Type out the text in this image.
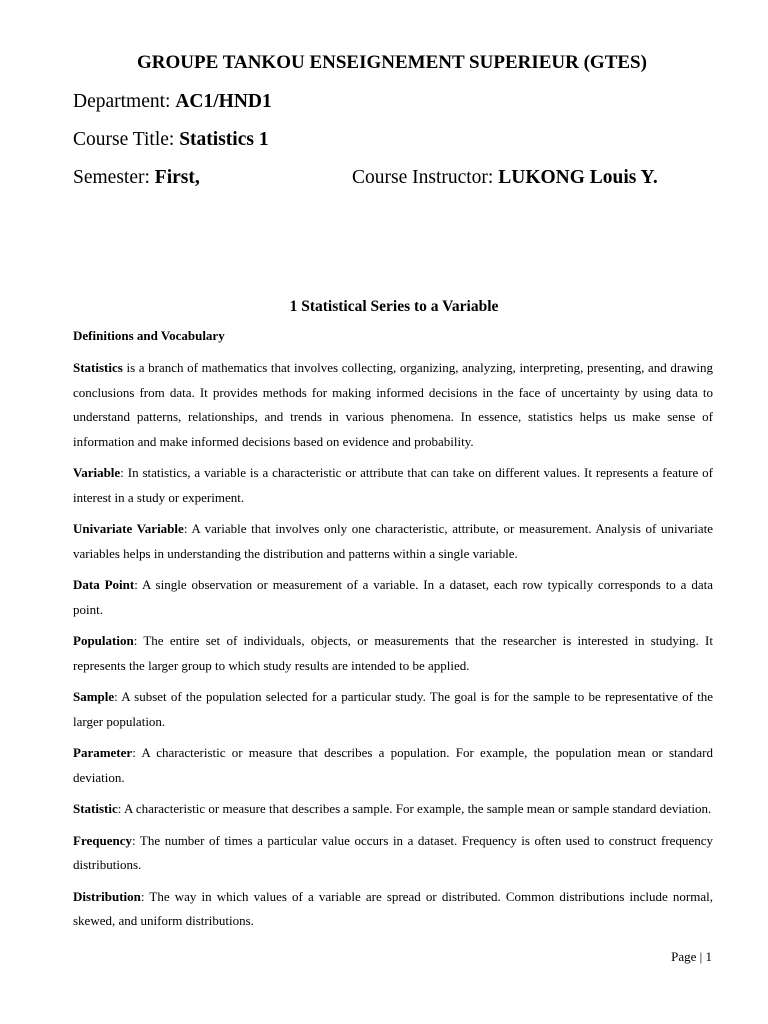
GROUPE TANKOU ENSEIGNEMENT SUPERIEUR (GTES)

Department: AC1/HND1

Course Title: Statistics 1

Semester: First,	Course Instructor: LUKONG Louis Y.

1 Statistical Series to a Variable
Definitions and Vocabulary

Statistics is a branch of mathematics that involves collecting, organizing, analyzing, interpreting, presenting, and drawing conclusions from data. It provides methods for making informed decisions in the face of uncertainty by using data to understand patterns, relationships, and trends in various phenomena. In essence, statistics helps us make sense of information and make informed decisions based on evidence and probability.

Variable: In statistics, a variable is a characteristic or attribute that can take on different values. It represents a feature of interest in a study or experiment.

Univariate Variable: A variable that involves only one characteristic, attribute, or measurement. Analysis of univariate variables helps in understanding the distribution and patterns within a single variable.

Data Point: A single observation or measurement of a variable. In a dataset, each row typically corresponds to a data point.

Population: The entire set of individuals, objects, or measurements that the researcher is interested in studying. It represents the larger group to which study results are intended to be applied.

Sample: A subset of the population selected for a particular study. The goal is for the sample to be representative of the larger population.

Parameter: A characteristic or measure that describes a population. For example, the population mean or standard deviation.

Statistic: A characteristic or measure that describes a sample. For example, the sample mean or sample standard deviation.

Frequency: The number of times a particular value occurs in a dataset. Frequency is often used to construct frequency distributions.

Distribution: The way in which values of a variable are spread or distributed. Common distributions include normal, skewed, and uniform distributions.

Page | 1
